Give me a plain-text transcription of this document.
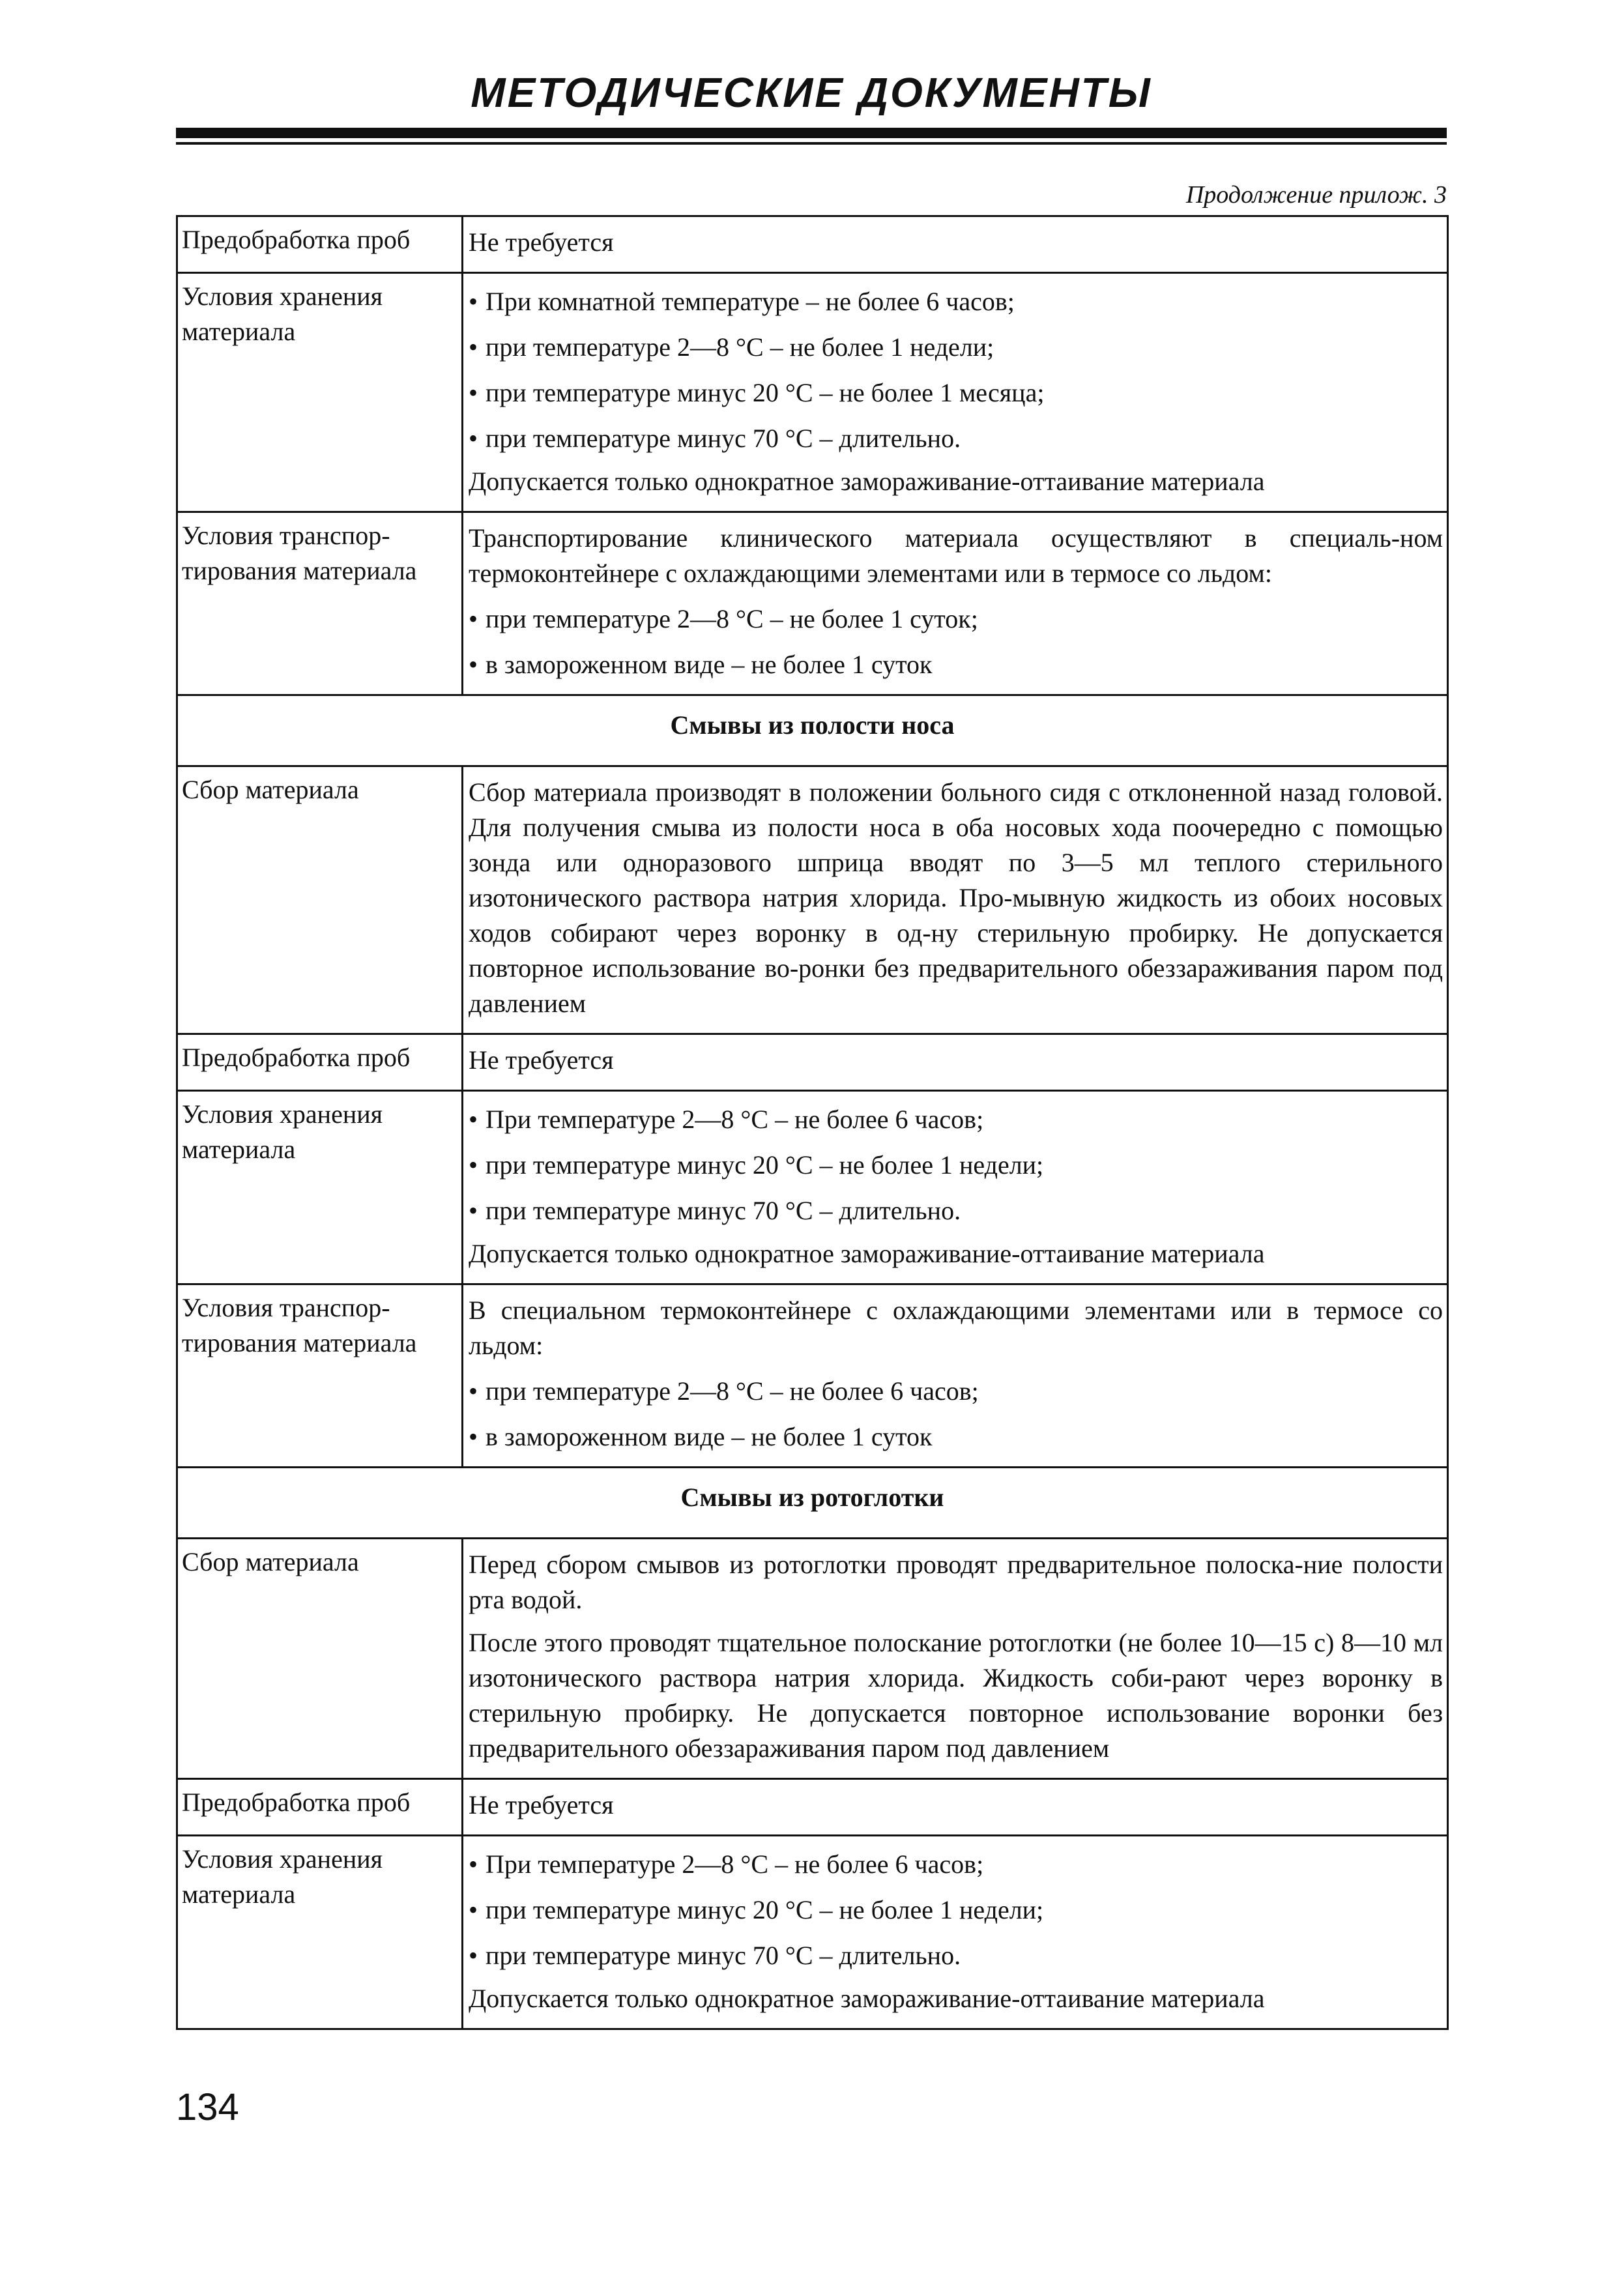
МЕТОДИЧЕСКИЕ ДОКУМЕНТЫ
Продолжение прилож. 3
Предобработка проб	Не требуется

Условия хранения материала	• При комнатной температуре – не более 6 часов;
• при температуре 2—8 °С – не более 1 недели;
• при температуре минус 20 °С – не более 1 месяца;
• при температуре минус 70 °С – длительно.
Допускается только однократное замораживание-оттаивание материала

Условия транспор-тирования материала	Транспортирование клинического материала осуществляют в специаль-ном термоконтейнере с охлаждающими элементами или в термосе со льдом:
• при температуре 2—8 °С – не более 1 суток;
• в замороженном виде – не более 1 суток

Смывы из полости носа	
Сбор материала	Сбор материала производят в положении больного сидя с отклоненной назад головой. Для получения смыва из полости носа в оба носовых хода поочередно с помощью зонда или одноразового шприца вводят по 3—5 мл теплого стерильного изотонического раствора натрия хлорида. Про-мывную жидкость из обоих носовых ходов собирают через воронку в од-ну стерильную пробирку. Не допускается повторное использование во-ронки без предварительного обеззараживания паром под давлением

Предобработка проб	Не требуется

Условия хранения материала	• При температуре 2—8 °С – не более 6 часов;
• при температуре минус 20 °С – не более 1 недели;
• при температуре минус 70 °С – длительно.
Допускается только однократное замораживание-оттаивание материала

Условия транспор-тирования материала	В специальном термоконтейнере с охлаждающими элементами или в термосе со льдом:
• при температуре 2—8 °С – не более 6 часов;
• в замороженном виде – не более 1 суток

Смывы из ротоглотки	
Сбор материала	Перед сбором смывов из ротоглотки проводят предварительное полоска-ние полости рта водой.
После этого проводят тщательное полоскание ротоглотки (не более 10—15 с) 8—10 мл изотонического раствора натрия хлорида. Жидкость соби-рают через воронку в стерильную пробирку. Не допускается повторное использование воронки без предварительного обеззараживания паром под давлением

Предобработка проб	Не требуется

Условия хранения материала	• При температуре 2—8 °С – не более 6 часов;
• при температуре минус 20 °С – не более 1 недели;
• при температуре минус 70 °С – длительно.
Допускается только однократное замораживание-оттаивание материала
134
